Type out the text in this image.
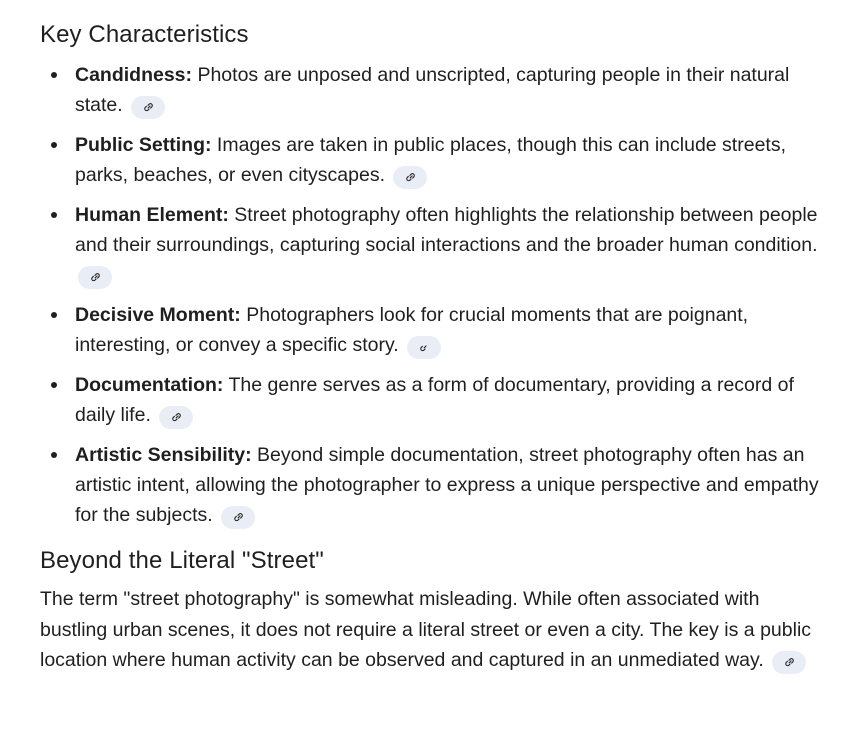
Key Characteristics
Candidness: Photos are unposed and unscripted, capturing people in their natural state.
Public Setting: Images are taken in public places, though this can include streets, parks, beaches, or even cityscapes.
Human Element: Street photography often highlights the relationship between people and their surroundings, capturing social interactions and the broader human condition.
Decisive Moment: Photographers look for crucial moments that are poignant, interesting, or convey a specific story.
Documentation: The genre serves as a form of documentary, providing a record of daily life.
Artistic Sensibility: Beyond simple documentation, street photography often has an artistic intent, allowing the photographer to express a unique perspective and empathy for the subjects.
Beyond the Literal "Street"

The term "street photography" is somewhat misleading. While often associated with bustling urban scenes, it does not require a literal street or even a city. The key is a public location where human activity can be observed and captured in an unmediated way.
